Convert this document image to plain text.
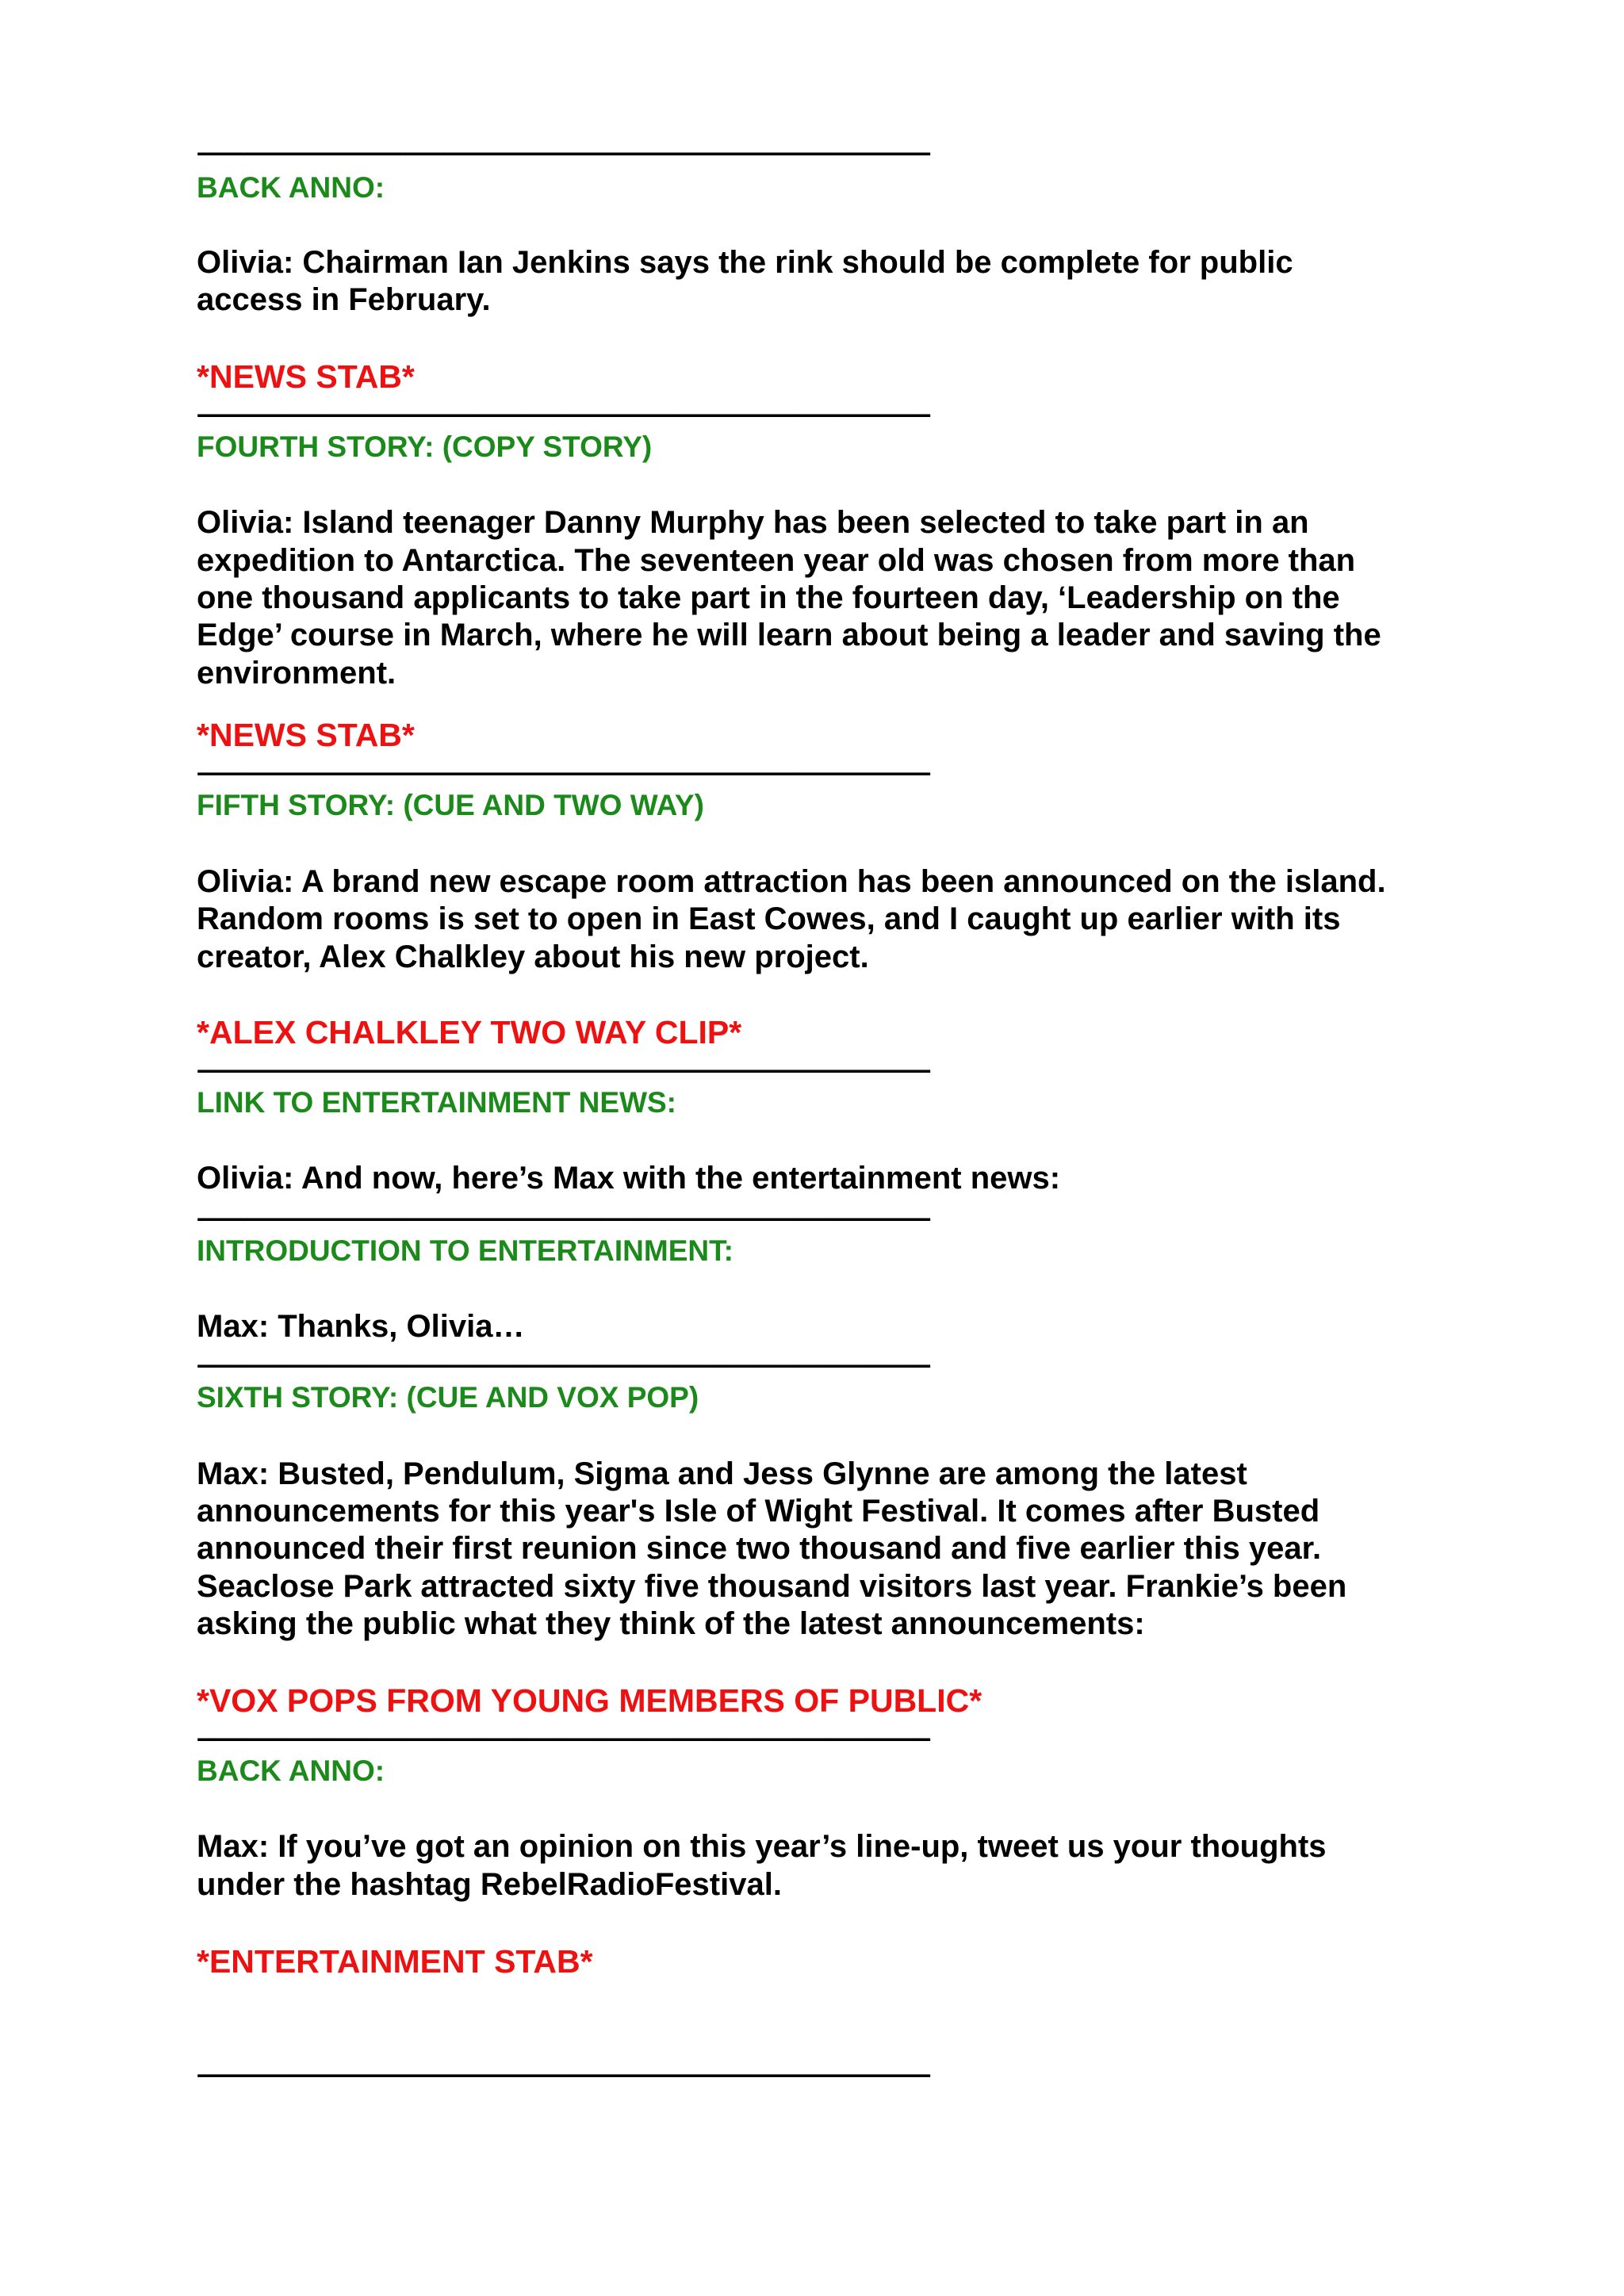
--------------------------------------------------------------------------------------------------------------------------------------
BACK ANNO:
Olivia: Chairman Ian Jenkins says the rink should be complete for public
access in February.
*NEWS STAB*
--------------------------------------------------------------------------------------------------------------------------------------
FOURTH STORY: (COPY STORY)
Olivia: Island teenager Danny Murphy has been selected to take part in an
expedition to Antarctica. The seventeen year old was chosen from more than
one thousand applicants to take part in the fourteen day, ‘Leadership on the
Edge’ course in March, where he will learn about being a leader and saving the
environment.
*NEWS STAB*
--------------------------------------------------------------------------------------------------------------------------------------
FIFTH STORY: (CUE AND TWO WAY)
Olivia: A brand new escape room attraction has been announced on the island.
Random rooms is set to open in East Cowes, and I caught up earlier with its
creator, Alex Chalkley about his new project.
*ALEX CHALKLEY TWO WAY CLIP*
--------------------------------------------------------------------------------------------------------------------------------------
LINK TO ENTERTAINMENT NEWS:
Olivia: And now, here’s Max with the entertainment news:
--------------------------------------------------------------------------------------------------------------------------------------
INTRODUCTION TO ENTERTAINMENT:
Max: Thanks, Olivia…
--------------------------------------------------------------------------------------------------------------------------------------
SIXTH STORY: (CUE AND VOX POP)
Max: Busted, Pendulum, Sigma and Jess Glynne are among the latest
announcements for this year's Isle of Wight Festival. It comes after Busted
announced their first reunion since two thousand and five earlier this year.
Seaclose Park attracted sixty five thousand visitors last year. Frankie’s been
asking the public what they think of the latest announcements:
*VOX POPS FROM YOUNG MEMBERS OF PUBLIC*
--------------------------------------------------------------------------------------------------------------------------------------
BACK ANNO:
Max: If you’ve got an opinion on this year’s line-up, tweet us your thoughts
under the hashtag RebelRadioFestival.
*ENTERTAINMENT STAB*
--------------------------------------------------------------------------------------------------------------------------------------
